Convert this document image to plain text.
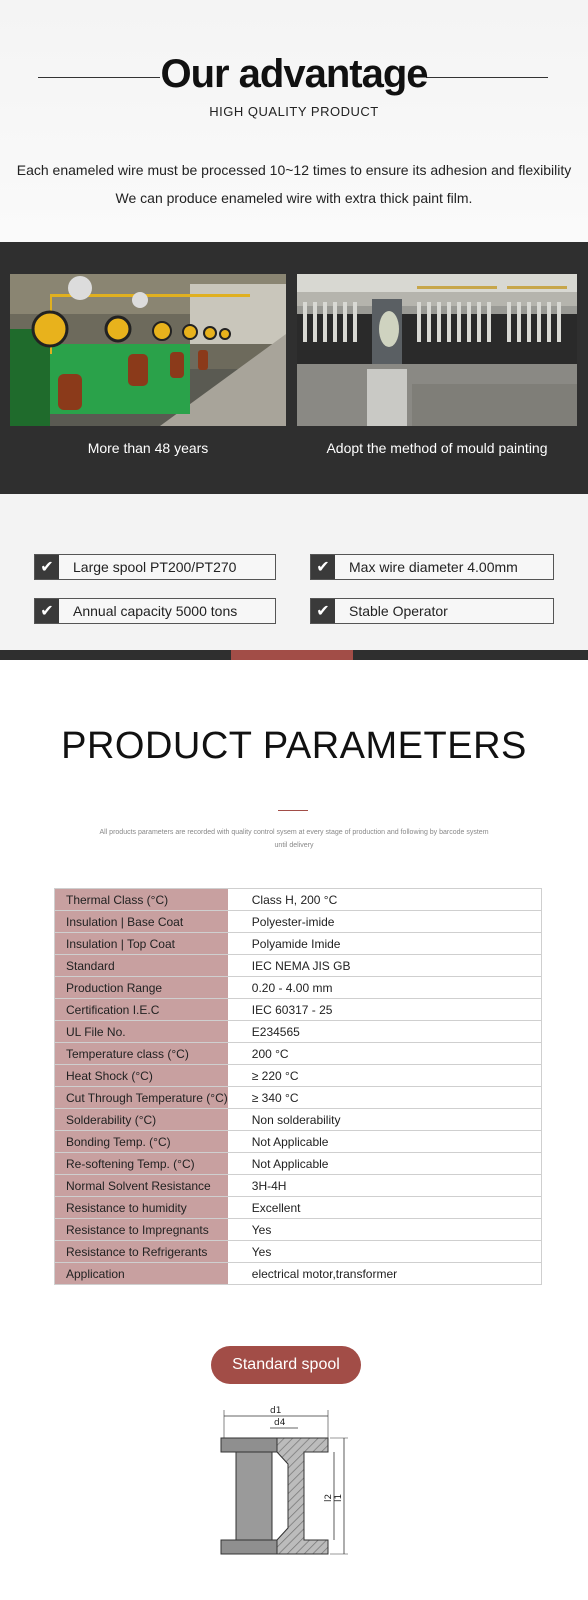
Our advantage
HIGH QUALITY PRODUCT
Each enameled wire must be processed 10~12 times to ensure its adhesion and flexibility
We can produce enameled wire with extra thick paint film.
More than 48 years	Adopt the method of mould painting
✔	Large spool PT200/PT270	✔	Max wire diameter 4.00mm
✔	Annual capacity 5000 tons	✔	Stable Operator
PRODUCT PARAMETERS
All products parameters are recorded with quality control sysem at every stage of production and following by barcode system until delivery
Thermal Class (°C)	Class H, 200 °C
Insulation | Base Coat	Polyester-imide
Insulation | Top Coat	Polyamide Imide
Standard	IEC NEMA JIS GB
Production Range	0.20 - 4.00 mm
Certification I.E.C	IEC 60317 - 25
UL File No.	E234565
Temperature class (°C)	200 °C
Heat Shock (°C)	≥ 220 °C
Cut Through Temperature (°C)	≥ 340 °C
Solderability (°C)	Non solderability
Bonding Temp. (°C)	Not Applicable
Re-softening Temp. (°C)	Not Applicable
Normal Solvent Resistance	3H-4H
Resistance to humidity	Excellent
Resistance to Impregnants	Yes
Resistance to Refrigerants	Yes
Application	electrical motor,transformer
Standard spool
d1
d4
l2 l1
